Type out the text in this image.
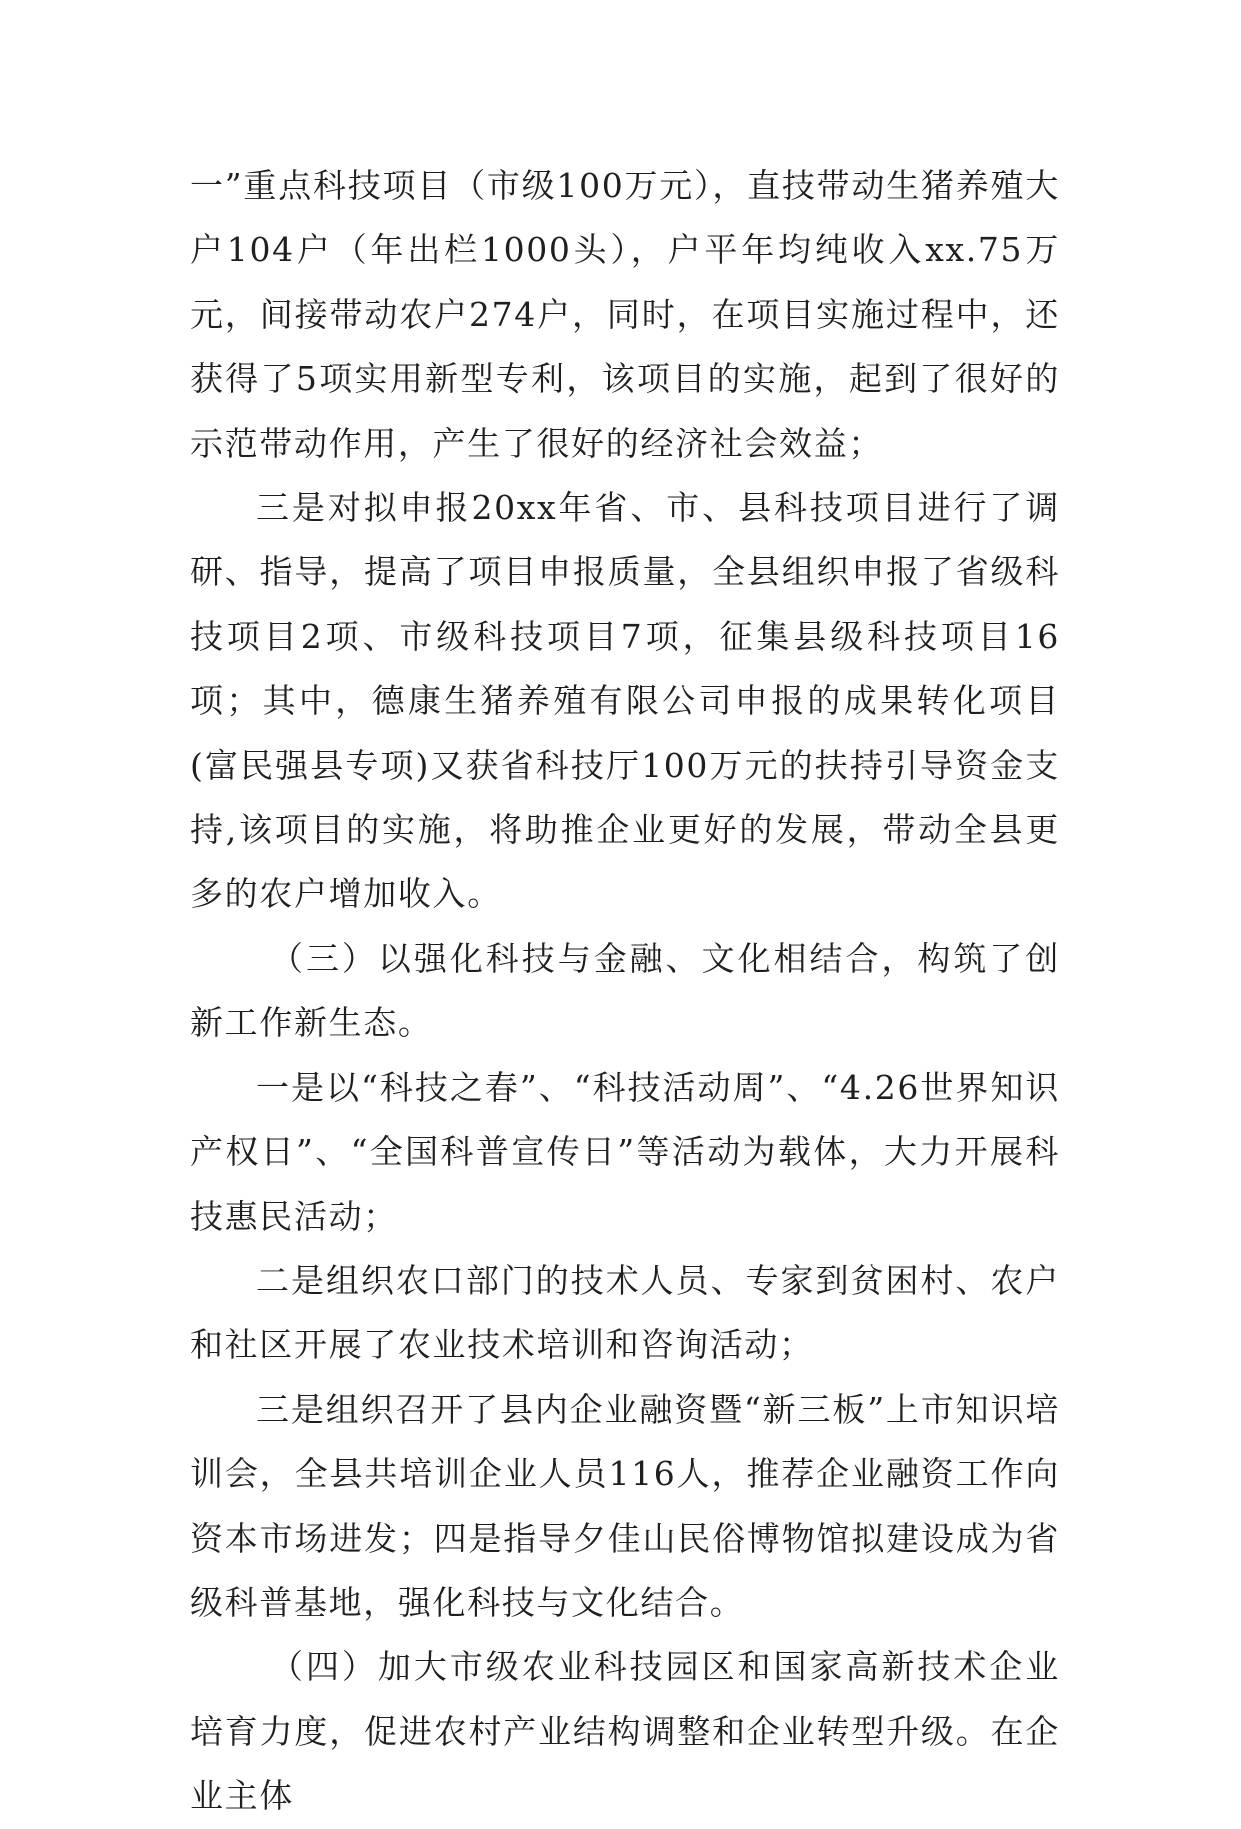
一”重点科技项目（市级100万元），直技带动生猪养殖大户104户（年出栏1000头），户平年均纯收入xx.75万元，间接带动农户274户，同时，在项目实施过程中，还获得了5项实用新型专利，该项目的实施，起到了很好的示范带动作用，产生了很好的经济社会效益；

三是对拟申报20xx年省、市、县科技项目进行了调研、指导，提高了项目申报质量，全县组织申报了省级科技项目2项、市级科技项目7项，征集县级科技项目16项；其中，德康生猪养殖有限公司申报的成果转化项目(富民强县专项)又获省科技厅100万元的扶持引导资金支持,该项目的实施，将助推企业更好的发展，带动全县更多的农户增加收入。

（三）以强化科技与金融、文化相结合，构筑了创新工作新生态。

一是以“科技之春”、“科技活动周”、“4.26世界知识产权日”、“全国科普宣传日”等活动为载体，大力开展科技惠民活动；

二是组织农口部门的技术人员、专家到贫困村、农户和社区开展了农业技术培训和咨询活动；

三是组织召开了县内企业融资暨“新三板”上市知识培训会，全县共培训企业人员116人，推荐企业融资工作向资本市场进发；四是指导夕佳山民俗博物馆拟建设成为省级科普基地，强化科技与文化结合。

（四）加大市级农业科技园区和国家高新技术企业培育力度，促进农村产业结构调整和企业转型升级。在企业主体
